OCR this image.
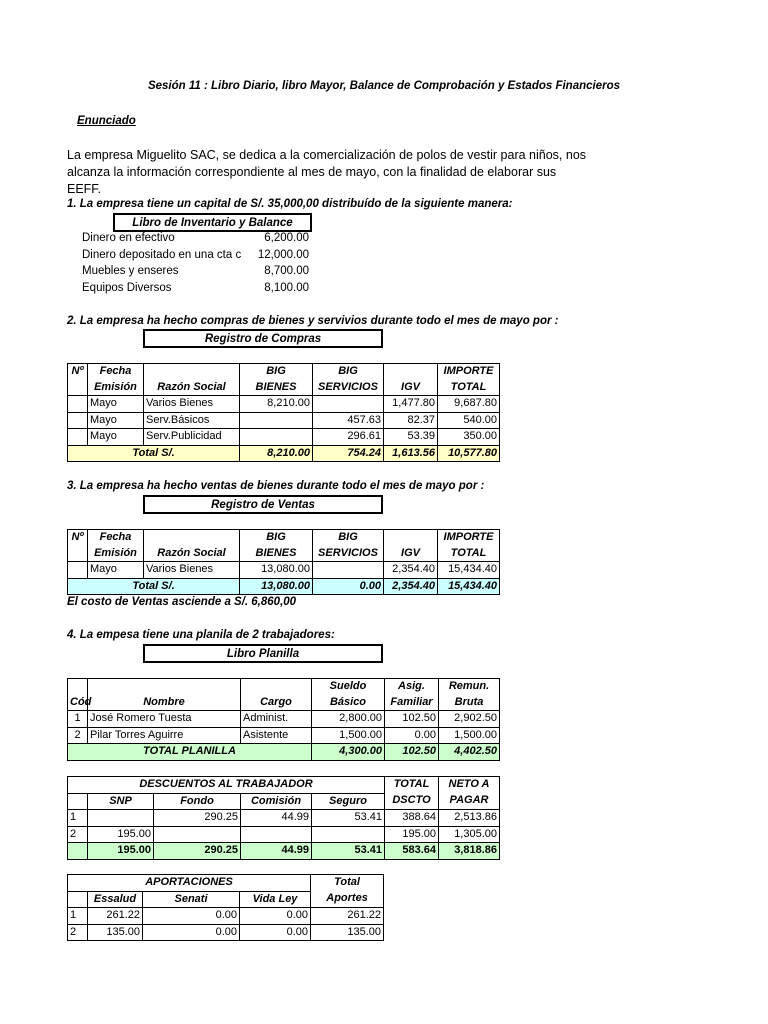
Sesión 11 : Libro Diario, libro Mayor, Balance de Comprobación y Estados Financieros
Enunciado
La empresa Miguelito SAC, se dedica a la comercialización de polos de vestir para niños, nos alcanza la información correspondiente al mes de mayo, con la finalidad de elaborar sus EEFF.
1. La empresa tiene un capital de S/. 35,000,00 distribuído de la siguiente manera:
Libro de Inventario y Balance
Dinero en efectivo	6,200.00
Dinero depositado en una cta c	12,000.00
Muebles y enseres	8,700.00
Equipos Diversos	8,100.00
2. La empresa ha hecho compras de bienes y servivios durante todo el mes de mayo por :
Registro de Compras
Nº	Fecha		BIG	BIG		IMPORTE
	Emisión	Razón Social	BIENES	SERVICIOS	IGV	TOTAL
	Mayo	Varios Bienes	8,210.00		1,477.80	9,687.80
	Mayo	Serv.Básicos		457.63	82.37	540.00
	Mayo	Serv.Publicidad		296.61	53.39	350.00
Total S/.			8,210.00	754.24	1,613.56	10,577.80
3. La empresa ha hecho ventas de bienes durante todo el mes de mayo por :
Registro de Ventas
Nº	Fecha		BIG	BIG		IMPORTE
	Emisión	Razón Social	BIENES	SERVICIOS	IGV	TOTAL
	Mayo	Varios Bienes	13,080.00		2,354.40	15,434.40
Total S/.			13,080.00	0.00	2,354.40	15,434.40
El costo de Ventas asciende a S/. 6,860,00
4. La empesa tiene una planila de 2 trabajadores:
Libro Planilla
			Sueldo	Asig.	Remun.
Cód	Nombre	Cargo	Básico	Familiar	Bruta
1	José Romero Tuesta	Administ.	2,800.00	102.50	2,902.50
2	Pilar Torres Aguirre	Asistente	1,500.00	0.00	1,500.00
TOTAL PLANILLA			4,300.00	102.50	4,402.50
DESCUENTOS AL TRABAJADOR					TOTAL	NETO A
	SNP	Fondo	Comisión	Seguro	DSCTO	PAGAR
1		290.25	44.99	53.41	388.64	2,513.86
2	195.00				195.00	1,305.00
	195.00	290.25	44.99	53.41	583.64	3,818.86
APORTACIONES				Total
	Essalud	Senati	Vida Ley	Aportes
1	261.22	0.00	0.00	261.22
2	135.00	0.00	0.00	135.00
